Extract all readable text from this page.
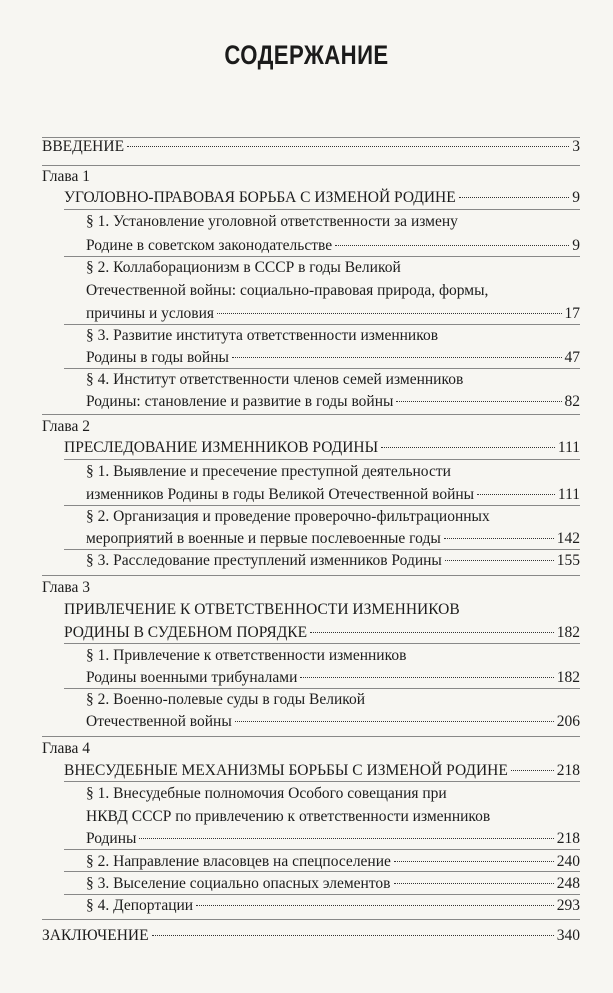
СОДЕРЖАНИЕ
ВВЕДЕНИЕ	3
Глава 1
УГОЛОВНО-ПРАВОВАЯ БОРЬБА С ИЗМЕНОЙ РОДИНЕ	9
§ 1. Установление уголовной ответственности за измену
Родине в советском законодательстве	9
§ 2. Коллаборационизм в СССР в годы Великой
Отечественной войны: социально-правовая природа, формы,
причины и условия	17
§ 3. Развитие института ответственности изменников
Родины в годы войны	47
§ 4. Институт ответственности членов семей изменников
Родины: становление и развитие в годы войны	82
Глава 2
ПРЕСЛЕДОВАНИЕ ИЗМЕННИКОВ РОДИНЫ	111
§ 1. Выявление и пресечение преступной деятельности
изменников Родины в годы Великой Отечественной войны	111
§ 2. Организация и проведение проверочно-фильтрационных
мероприятий в военные и первые послевоенные годы	142
§ 3. Расследование преступлений изменников Родины	155
Глава 3
ПРИВЛЕЧЕНИЕ К ОТВЕТСТВЕННОСТИ ИЗМЕННИКОВ
РОДИНЫ В СУДЕБНОМ ПОРЯДКЕ	182
§ 1. Привлечение к ответственности изменников
Родины военными трибуналами	182
§ 2. Военно-полевые суды в годы Великой
Отечественной войны	206
Глава 4
ВНЕСУДЕБНЫЕ МЕХАНИЗМЫ БОРЬБЫ С ИЗМЕНОЙ РОДИНЕ	218
§ 1. Внесудебные полномочия Особого совещания при
НКВД СССР по привлечению к ответственности изменников
Родины	218
§ 2. Направление власовцев на спецпоселение	240
§ 3. Выселение социально опасных элементов	248
§ 4. Депортации	293
ЗАКЛЮЧЕНИЕ	340
